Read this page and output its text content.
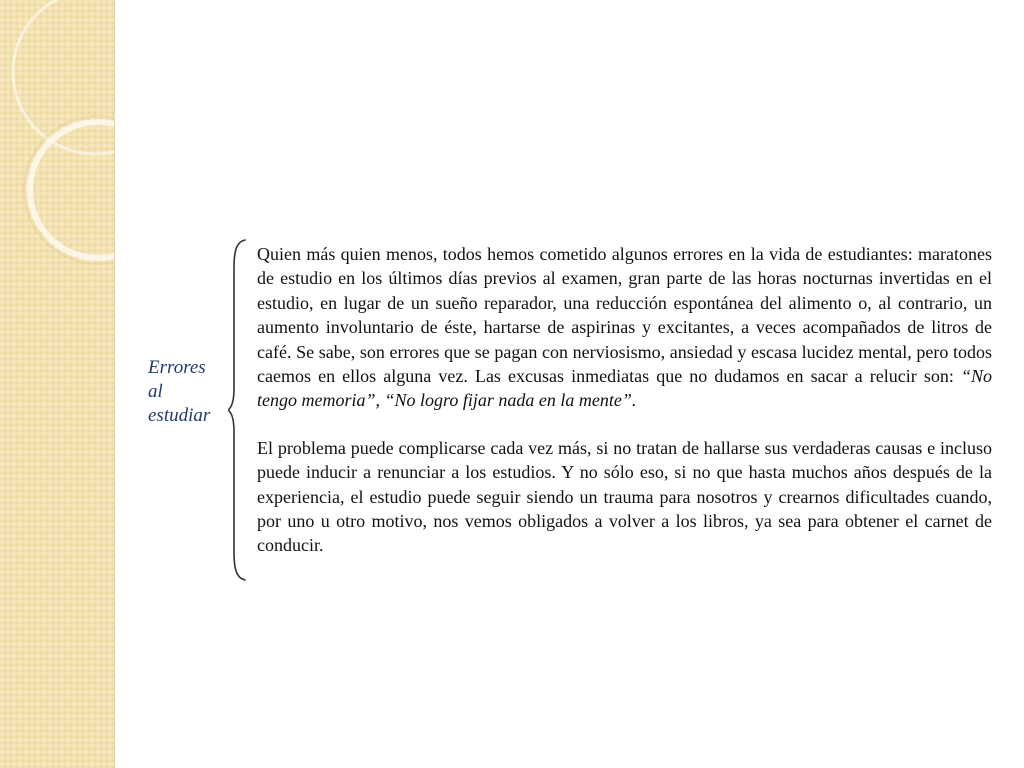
Errores
al
estudiar

Quien más quien menos, todos hemos cometido algunos errores en la vida de estudiantes: maratones de estudio en los últimos días previos al examen, gran parte de las horas nocturnas invertidas en el estudio, en lugar de un sueño reparador, una reducción espontánea del alimento o, al contrario, un aumento involuntario de éste, hartarse de aspirinas y excitantes, a veces acompañados de litros de café. Se sabe, son errores que se pagan con nerviosismo, ansiedad y escasa lucidez mental, pero todos caemos en ellos alguna vez. Las excusas inmediatas que no dudamos en sacar a relucir son: “No tengo memoria”, “No logro fijar nada en la mente”.

El problema puede complicarse cada vez más, si no tratan de hallarse sus verdaderas causas e incluso puede inducir a renunciar a los estudios. Y no sólo eso, si no que hasta muchos años después de la experiencia, el estudio puede seguir siendo un trauma para nosotros y crearnos dificultades cuando, por uno u otro motivo, nos vemos obligados a volver a los libros, ya sea para obtener el carnet de conducir.
